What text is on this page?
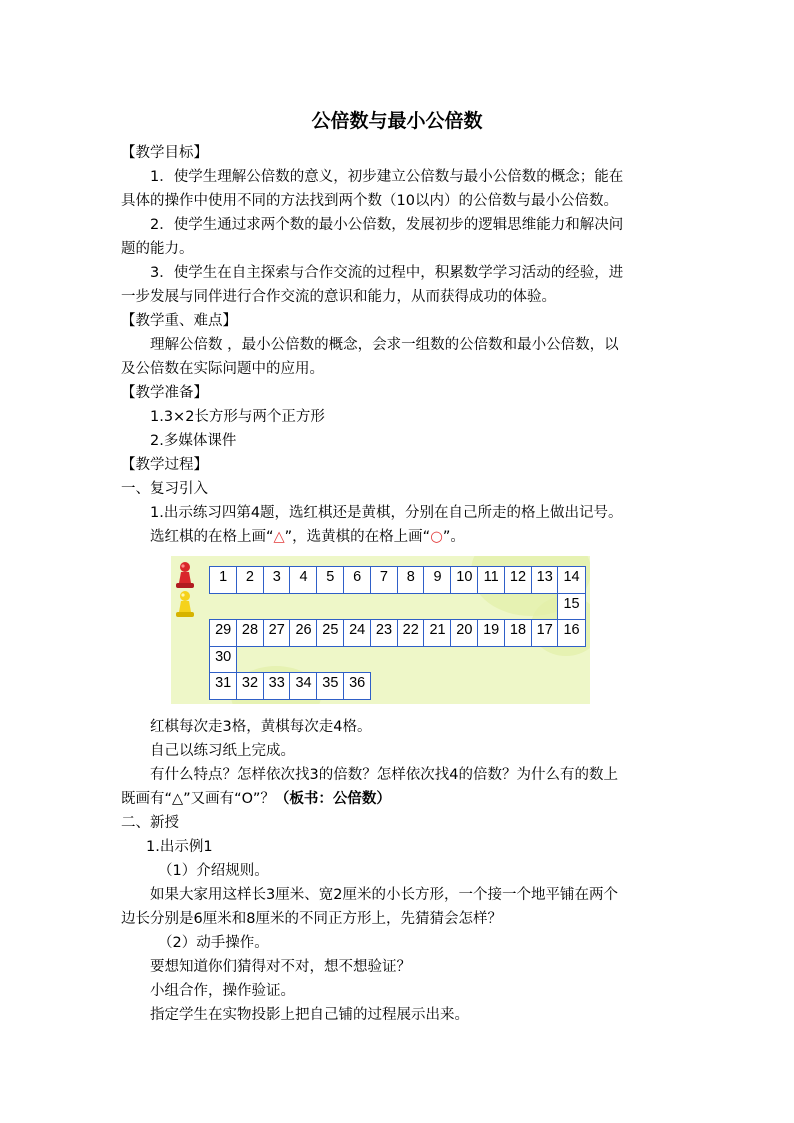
公倍数与最小公倍数
【教学目标】
1．使学生理解公倍数的意义，初步建立公倍数与最小公倍数的概念；能在
具体的操作中使用不同的方法找到两个数（10以内）的公倍数与最小公倍数。
2．使学生通过求两个数的最小公倍数，发展初步的逻辑思维能力和解决问
题的能力。
3．使学生在自主探索与合作交流的过程中，积累数学学习活动的经验，进
一步发展与同伴进行合作交流的意识和能力，从而获得成功的体验。
【教学重、难点】
理解公倍数 ，最小公倍数的概念，会求一组数的公倍数和最小公倍数，以
及公倍数在实际问题中的应用。
【教学准备】
1.3×2长方形与两个正方形
2.多媒体课件
【教学过程】
一、复习引入
1.出示练习四第4题，选红棋还是黄棋，分别在自己所走的格上做出记号。
选红棋的在格上画“△”，选黄棋的在格上画“○”。
1	2	3	4	5	6	7	8	9	10 11 12 13 14
15
29 28 27 26 25 24 23 22 21 20 19 18 17 16
30
31 32 33 34 35 36
红棋每次走3格，黄棋每次走4格。
自己以练习纸上完成。
有什么特点？怎样依次找3的倍数？怎样依次找4的倍数？为什么有的数上
既画有“△”又画有“O”？（板书：公倍数）
二、新授
1.出示例1
（1）介绍规则。
如果大家用这样长3厘米、宽2厘米的小长方形，一个接一个地平铺在两个
边长分别是6厘米和8厘米的不同正方形上，先猜猜会怎样？
（2）动手操作。
要想知道你们猜得对不对，想不想验证？
小组合作，操作验证。
指定学生在实物投影上把自己铺的过程展示出来。
